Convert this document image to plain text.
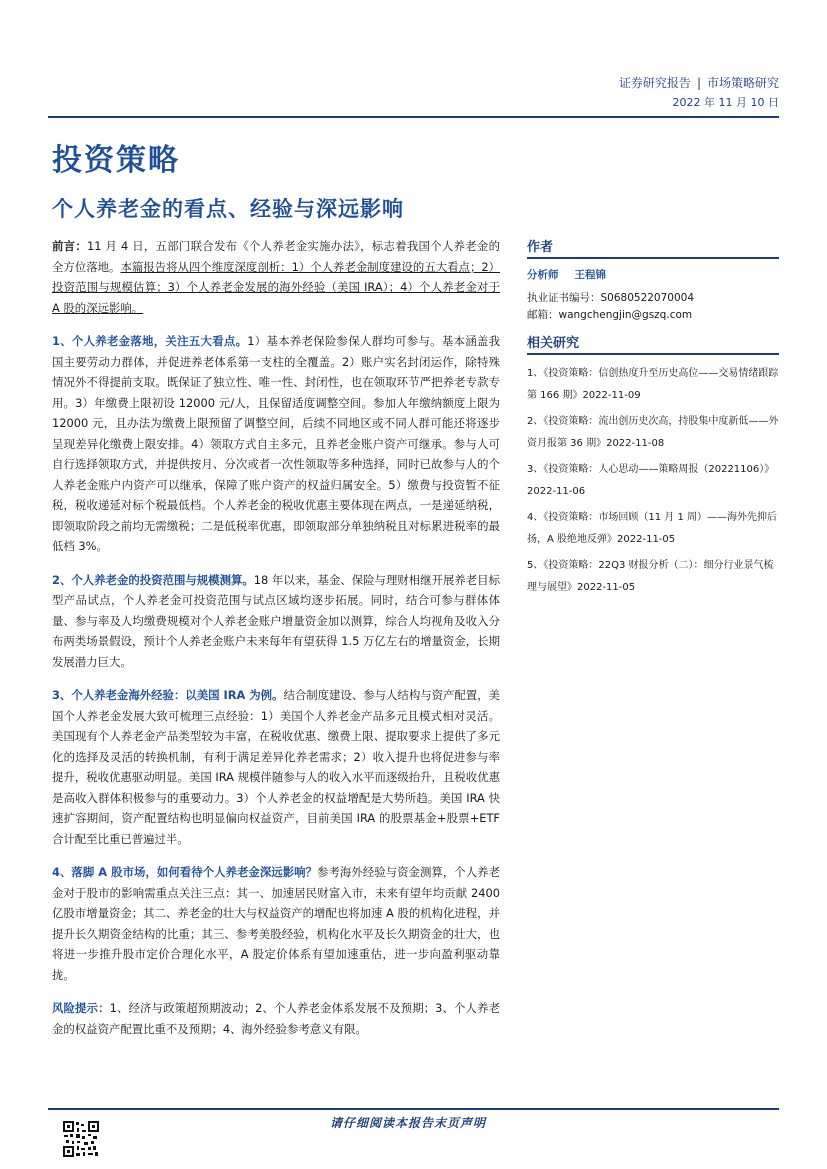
证券研究报告 | 市场策略研究
2022 年 11 月 10 日
投资策略
个人养老金的看点、经验与深远影响

前言：11 月 4 日，五部门联合发布《个人养老金实施办法》，标志着我国个人养老金的全方位落地。本篇报告将从四个维度深度剖析：1）个人养老金制度建设的五大看点；2）投资范围与规模估算；3）个人养老金发展的海外经验（美国 IRA）；4）个人养老金对于 A 股的深远影响。

1、个人养老金落地，关注五大看点。1）基本养老保险参保人群均可参与。基本涵盖我国主要劳动力群体，并促进养老体系第一支柱的全覆盖。2）账户实名封闭运作，除特殊情况外不得提前支取。既保证了独立性、唯一性、封闭性，也在领取环节严把养老专款专用。3）年缴费上限初设 12000 元/人，且保留适度调整空间。参加人年缴纳额度上限为 12000 元，且办法为缴费上限预留了调整空间，后续不同地区或不同人群可能还将逐步呈现差异化缴费上限安排。4）领取方式自主多元，且养老金账户资产可继承。参与人可自行选择领取方式，并提供按月、分次或者一次性领取等多种选择，同时已故参与人的个人养老金账户内资产可以继承，保障了账户资产的权益归属安全。5）缴费与投资暂不征税，税收递延对标个税最低档。个人养老金的税收优惠主要体现在两点，一是递延纳税，即领取阶段之前均无需缴税；二是低税率优惠，即领取部分单独纳税且对标累进税率的最低档 3%。

2、个人养老金的投资范围与规模测算。18 年以来，基金、保险与理财相继开展养老目标型产品试点，个人养老金可投资范围与试点区域均逐步拓展。同时，结合可参与群体体量、参与率及人均缴费规模对个人养老金账户增量资金加以测算，综合人均视角及收入分布两类场景假设，预计个人养老金账户未来每年有望获得 1.5 万亿左右的增量资金，长期发展潜力巨大。

3、个人养老金海外经验：以美国 IRA 为例。结合制度建设、参与人结构与资产配置，美国个人养老金发展大致可梳理三点经验：1）美国个人养老金产品多元且模式相对灵活。美国现有个人养老金产品类型较为丰富，在税收优惠、缴费上限、提取要求上提供了多元化的选择及灵活的转换机制，有利于满足差异化养老需求；2）收入提升也将促进参与率提升，税收优惠驱动明显。美国 IRA 规模伴随参与人的收入水平而逐级抬升，且税收优惠是高收入群体积极参与的重要动力。3）个人养老金的权益增配是大势所趋。美国 IRA 快速扩容期间，资产配置结构也明显偏向权益资产，目前美国 IRA 的股票基金+股票+ETF 合计配至比重已普遍过半。

4、落脚 A 股市场，如何看待个人养老金深远影响？参考海外经验与资金测算，个人养老金对于股市的影响需重点关注三点：其一、加速居民财富入市，未来有望年均贡献 2400 亿股市增量资金；其二、养老金的壮大与权益资产的增配也将加速 A 股的机构化进程，并提升长久期资金结构的比重；其三、参考美股经验，机构化水平及长久期资金的壮大，也将进一步推升股市定价合理化水平，A 股定价体系有望加速重估，进一步向盈利驱动靠拢。

风险提示：1、经济与政策超预期波动；2、个人养老金体系发展不及预期；3、个人养老金的权益资产配置比重不及预期；4、海外经验参考意义有限。

作者
分析师 王程锦
执业证书编号：S0680522070004
邮箱：wangchengjin@gszq.com
相关研究
1、《投资策略：信创热度升至历史高位——交易情绪跟踪第 166 期》2022-11-09
2、《投资策略：流出创历史次高，持股集中度新低——外资月报第 36 期》2022-11-08
3、《投资策略：人心思动——策略周报（20221106）》2022-11-06
4、《投资策略：市场回顾（11 月 1 周）——海外先抑后扬，A 股绝地反弹》2022-11-05
5、《投资策略：22Q3 财报分析（二）：细分行业景气梳理与展望》2022-11-05
请仔细阅读本报告末页声明
